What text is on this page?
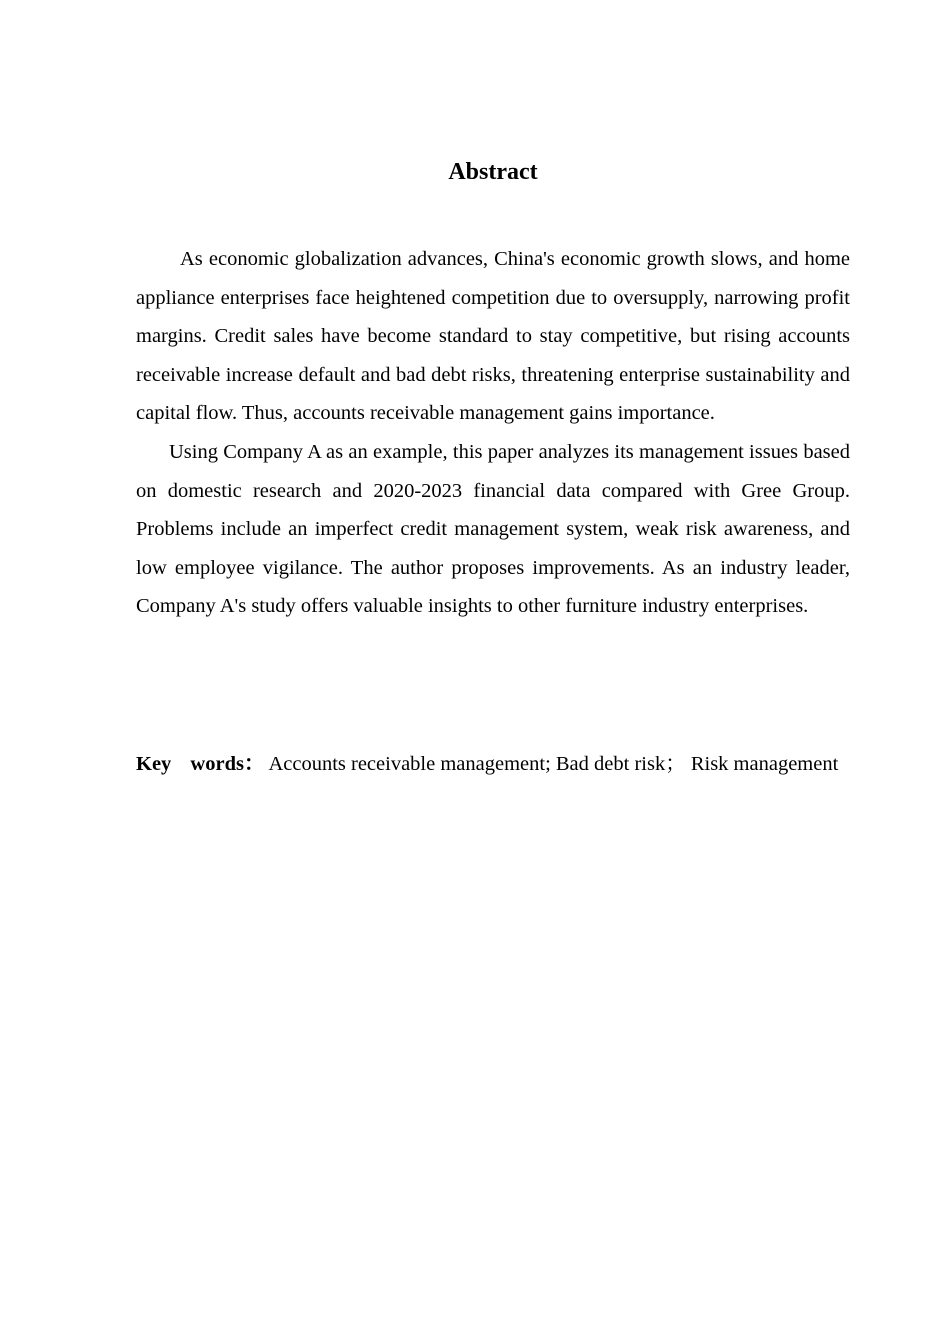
Abstract

As economic globalization advances, China's economic growth slows, and home appliance enterprises face heightened competition due to oversupply, narrowing profit margins. Credit sales have become standard to stay competitive, but rising accounts receivable increase default and bad debt risks, threatening enterprise sustainability and capital flow. Thus, accounts receivable management gains importance.

Using Company A as an example, this paper analyzes its management issues based on domestic research and 2020-2023 financial data compared with Gree Group. Problems include an imperfect credit management system, weak risk awareness, and low employee vigilance. The author proposes improvements. As an industry leader, Company A's study offers valuable insights to other furniture industry enterprises.

Key words： Accounts receivable management; Bad debt risk； Risk management
